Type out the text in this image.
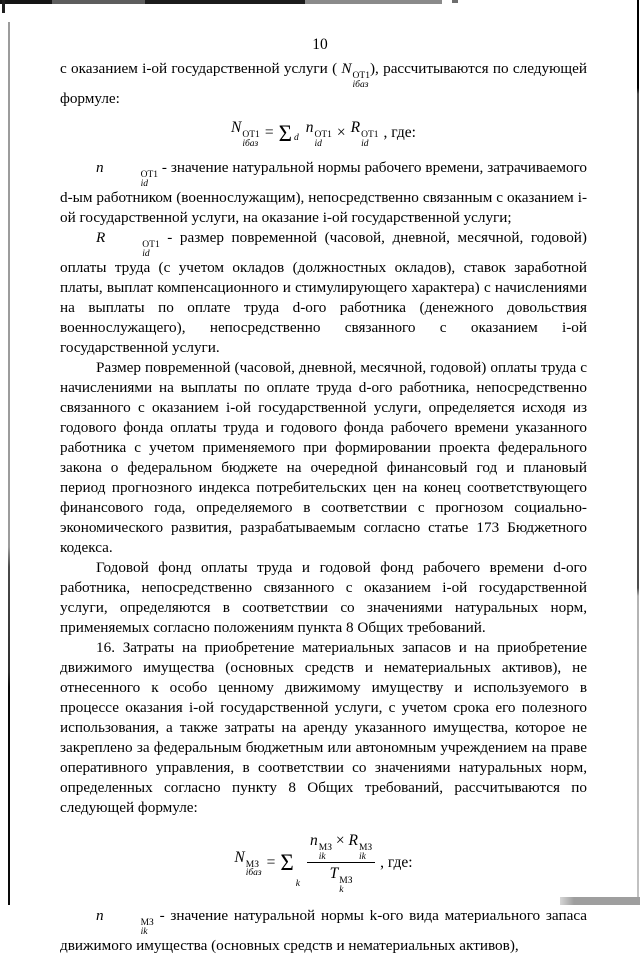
10

с оказанием i-ой государственной услуги ( N ОТ1
iбаз
), рассчитываются по следующей формуле:

N ОТ1
iбаз
= Σ d
n ОТ1
id
× R ОТ1
id
, где:

n	ОТ1
id
- значение натуральной нормы рабочего времени, затрачиваемого d-ым работником (военнослужащим), непосредственно связанным с оказанием i-ой государственной услуги, на оказание i-ой государственной услуги;

R	ОТ1
id
- размер повременной (часовой, дневной, месячной, годовой) оплаты труда (с учетом окладов (должностных окладов), ставок заработной платы, выплат компенсационного и стимулирующего характера) с начислениями на выплаты по оплате труда d-ого работника (денежного довольствия военнослужащего), непосредственно связанного с оказанием i-ой государственной услуги.

Размер повременной (часовой, дневной, месячной, годовой) оплаты труда с начислениями на выплаты по оплате труда d-ого работника, непосредственно связанного с оказанием i-ой государственной услуги, определяется исходя из годового фонда оплаты труда и годового фонда рабочего времени указанного работника с учетом применяемого при формировании проекта федерального закона о федеральном бюджете на очередной финансовый год и плановый период прогнозного индекса потребительских цен на конец соответствующего финансового года, определяемого в соответствии с прогнозом социально-экономического развития, разрабатываемым согласно статье 173 Бюджетного кодекса.

Годовой фонд оплаты труда и годовой фонд рабочего времени d-ого работника, непосредственно связанного с оказанием i-ой государственной услуги, определяются в соответствии со значениями натуральных норм, применяемых согласно положениям пункта 8 Общих требований.

16. Затраты на приобретение материальных запасов и на приобретение движимого имущества (основных средств и нематериальных активов), не отнесенного к особо ценному движимому имуществу и используемого в процессе оказания i-ой государственной услуги, с учетом срока его полезного использования, а также затраты на аренду указанного имущества, которое не закреплено за федеральным бюджетным или автономным учреждением на праве оперативного управления, в соответствии со значениями натуральных норм, определенных согласно пункту 8 Общих требований, рассчитываются по следующей формуле:

N МЗ
iбаз
= Σ
k n МЗ
ik
× R МЗ
ik
T МЗ
k , где:

n	МЗ
ik
- значение натуральной нормы k-ого вида материального запаса движимого имущества (основных средств и нематериальных активов),
